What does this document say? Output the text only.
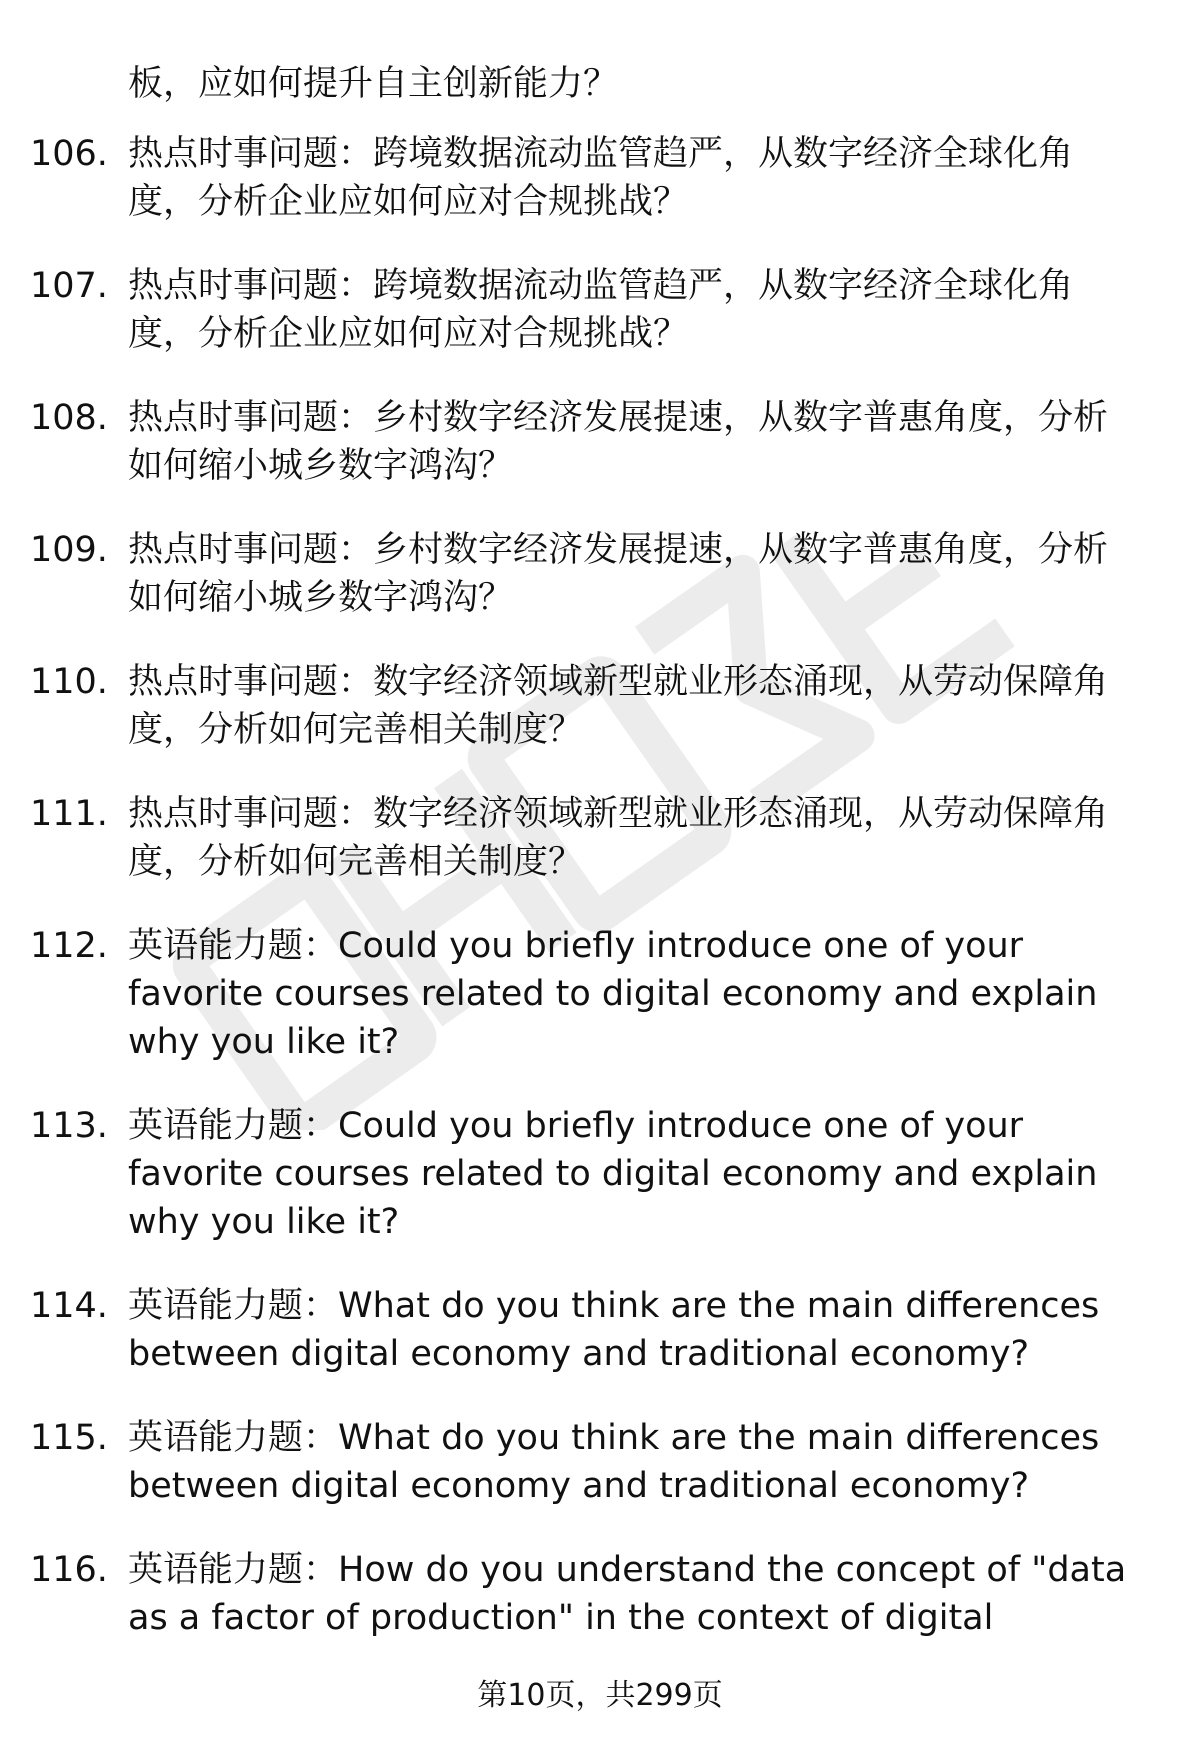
板，应如何提升自主创新能力？
106. 热点时事问题：跨境数据流动监管趋严，从数字经济全球化角度，分析企业应如何应对合规挑战？
107. 热点时事问题：跨境数据流动监管趋严，从数字经济全球化角度，分析企业应如何应对合规挑战？
108. 热点时事问题：乡村数字经济发展提速，从数字普惠角度，分析如何缩小城乡数字鸿沟？
109. 热点时事问题：乡村数字经济发展提速，从数字普惠角度，分析如何缩小城乡数字鸿沟？
110. 热点时事问题：数字经济领域新型就业形态涌现，从劳动保障角度，分析如何完善相关制度？
111. 热点时事问题：数字经济领域新型就业形态涌现，从劳动保障角度，分析如何完善相关制度？
112. 英语能力题：Could you briefly introduce one of your favorite courses related to digital economy and explain why you like it?
113. 英语能力题：Could you briefly introduce one of your favorite courses related to digital economy and explain why you like it?
114. 英语能力题：What do you think are the main differences between digital economy and traditional economy?
115. 英语能力题：What do you think are the main differences between digital economy and traditional economy?
116. 英语能力题：How do you understand the concept of "data as a factor of production" in the context of digital
第10页，共299页
